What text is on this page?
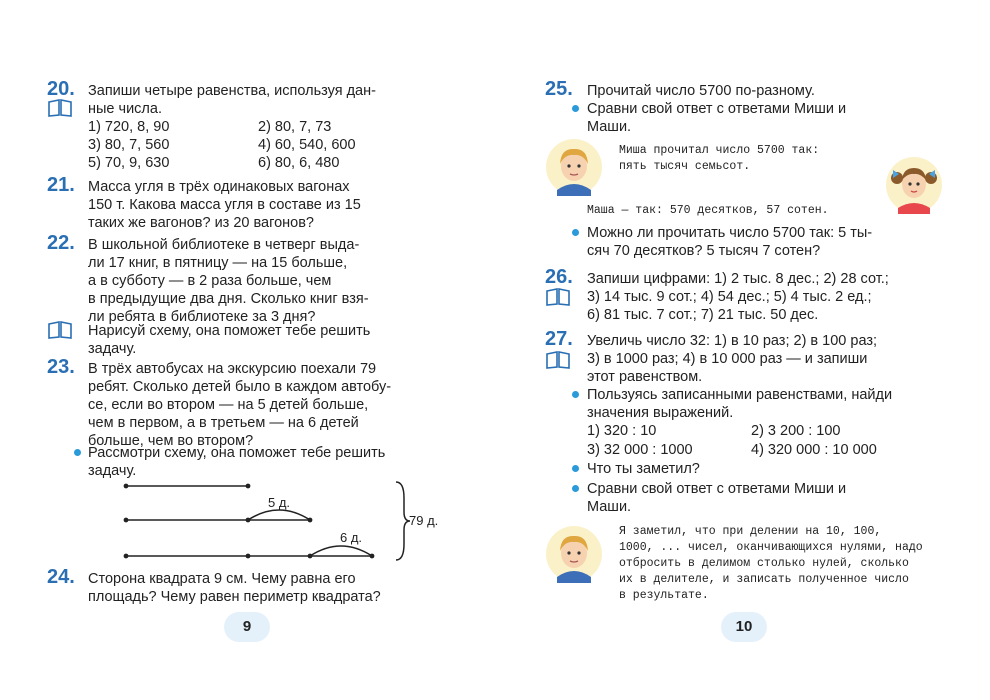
20. Запиши четыре равенства, используя дан-
ные числа.
1) 720, 8, 90
3) 80, 7, 560
5) 70, 9, 630
2) 80, 7, 73
4) 60, 540, 600
6) 80, 6, 480
21. Масса угля в трёх одинаковых вагонах
150 т. Какова масса угля в составе из 15
таких же вагонов? из 20 вагонов?
22. В школьной библиотеке в четверг выда-
ли 17 книг, в пятницу — на 15 больше,
а в субботу — в 2 раза больше, чем
в предыдущие два дня. Сколько книг взя-
ли ребята в библиотеке за 3 дня?
Нарисуй схему, она поможет тебе решить
задачу.
23. В трёх автобусах на экскурсию поехали 79
ребят. Сколько детей было в каждом автобу-
се, если во втором — на 5 детей больше,
чем в первом, а в третьем — на 6 детей
больше, чем во втором?
Рассмотри схему, она поможет тебе решить
задачу.
5 д.
6 д.
79 д.
24. Сторона квадрата 9 см. Чему равна его
площадь? Чему равен периметр квадрата?
9
25. Прочитай число 5700 по-разному.
Сравни свой ответ с ответами Миши и
Маши.
Миша прочитал число 5700 так:
пять тысяч семьсот.
Маша — так: 570 десятков, 57 сотен.
Можно ли прочитать число 5700 так: 5 ты-
сяч 70 десятков? 5 тысяч 7 сотен?
26. Запиши цифрами: 1) 2 тыс. 8 дес.; 2) 28 сот.;
3) 14 тыс. 9 сот.; 4) 54 дес.; 5) 4 тыс. 2 ед.;
6) 81 тыс. 7 сот.; 7) 21 тыс. 50 дес.
27. Увеличь число 32: 1) в 10 раз; 2) в 100 раз;
3) в 1000 раз; 4) в 10 000 раз — и запиши
этот равенством.
Пользуясь записанными равенствами, найди
значения выражений.
1) 320 : 10
3) 32 000 : 1000
2) 3 200 : 100
4) 320 000 : 10 000
Что ты заметил?
Сравни свой ответ с ответами Миши и
Маши.
Я заметил, что при делении на 10, 100,
1000, ... чисел, оканчивающихся нулями, надо
отбросить в делимом столько нулей, сколько
их в делителе, и записать полученное число
в результате.
10
